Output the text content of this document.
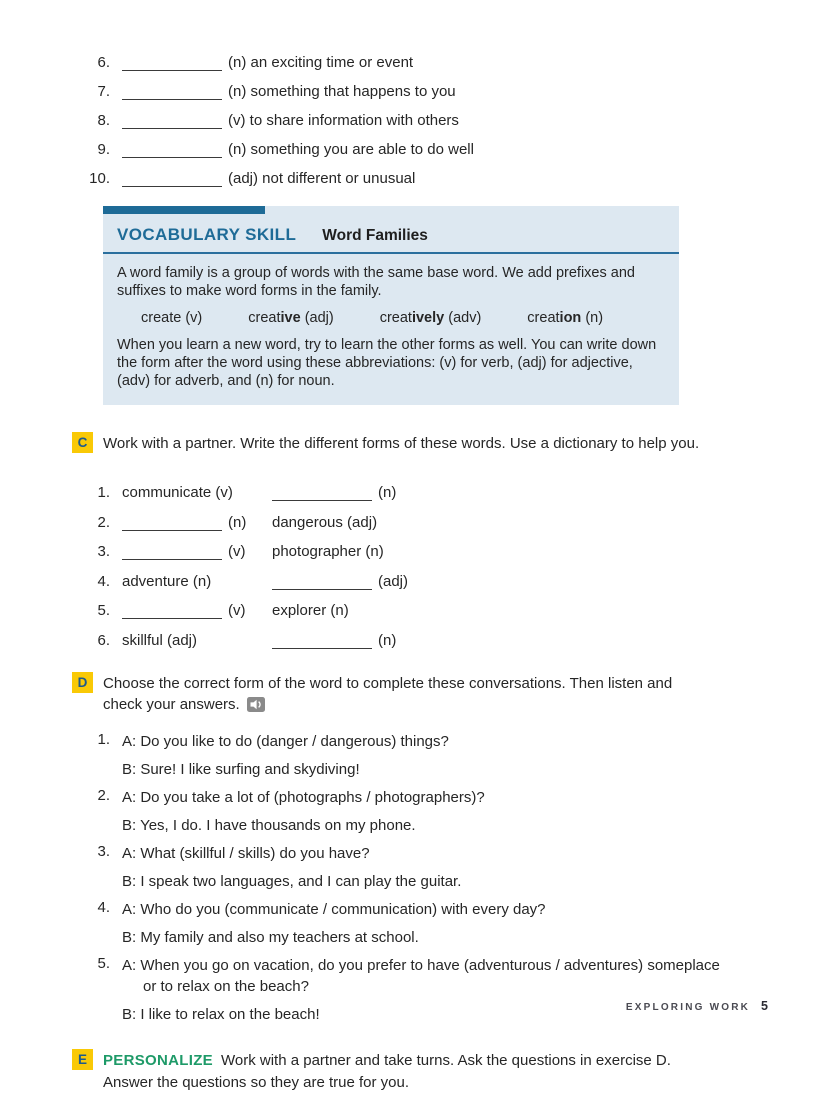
6.	(n) an exciting time or event
7.	(n) something that happens to you
8.	(v) to share information with others
9.	(n) something you are able to do well
10.	(adj) not different or unusual
VOCABULARY SKILL Word Families

A word family is a group of words with the same base word. We add prefixes and suffixes to make word forms in the family.

create (v)	creative (adj)	creatively (adv)	creation (n)

When you learn a new word, try to learn the other forms as well. You can write down the form after the word using these abbreviations: (v) for verb, (adj) for adjective, (adv) for adverb, and (n) for noun.

C	Work with a partner. Write the different forms of these words. Use a dictionary to help you.
1. communicate (v)	(n)
2.	(n) dangerous (adj)
3.	(v) photographer (n)
4. adventure (n)	(adj)
5.	(v) explorer (n)
6. skillful (adj)	(n)
D	Choose the correct form of the word to complete these conversations. Then listen and check your answers.
1. A: Do you like to do (danger / dangerous) things?
B: Sure! I like surfing and skydiving!
2. A: Do you take a lot of (photographs / photographers)?
B: Yes, I do. I have thousands on my phone.
3. A: What (skillful / skills) do you have?
B: I speak two languages, and I can play the guitar.
4. A: Who do you (communicate / communication) with every day?
B: My family and also my teachers at school.
5. A: When you go on vacation, do you prefer to have (adventurous / adventures) someplace or to relax on the beach?
B: I like to relax on the beach!
E	PERSONALIZE Work with a partner and take turns. Ask the questions in exercise D. Answer the questions so they are true for you.
EXPLORING WORK 5
